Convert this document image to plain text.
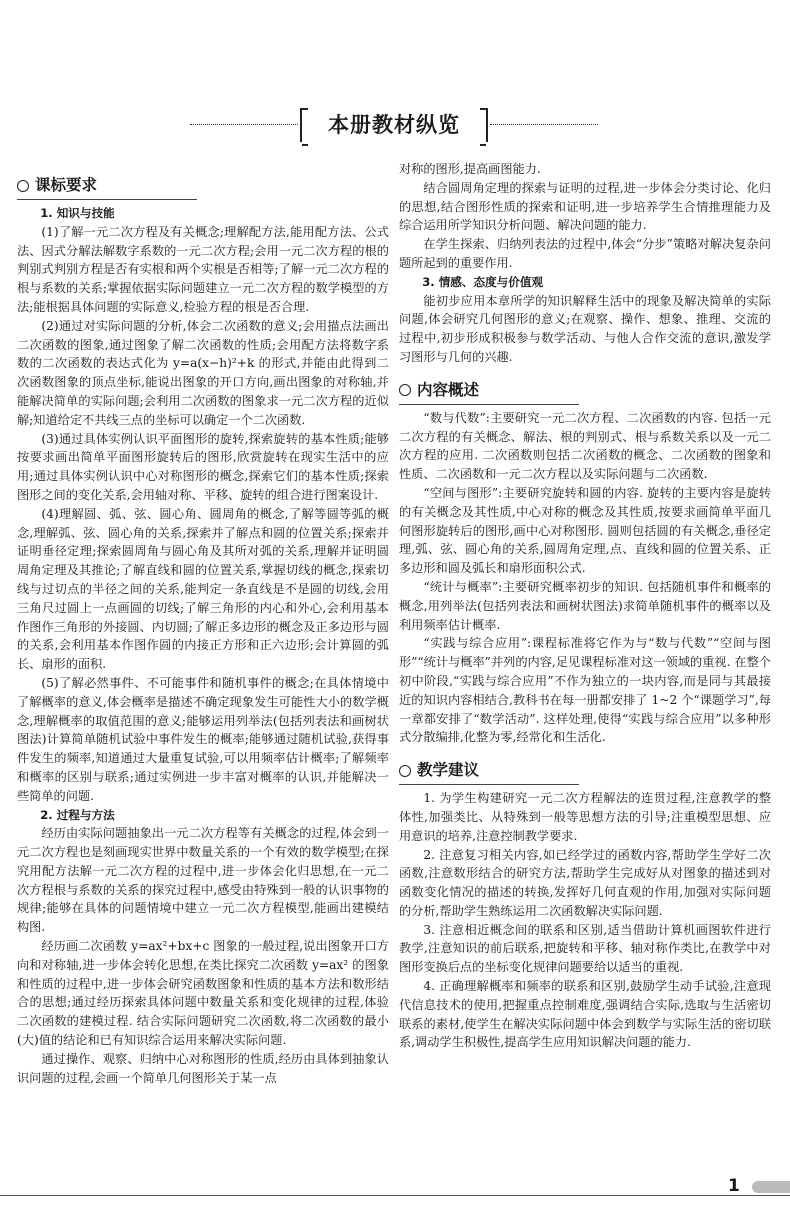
本册教材纵览
课标要求
1. 知识与技能

(1)了解一元二次方程及有关概念;理解配方法,能用配方法、公式法、因式分解法解数字系数的一元二次方程;会用一元二次方程的根的判别式判别方程是否有实根和两个实根是否相等;了解一元二次方程的根与系数的关系;掌握依据实际问题建立一元二次方程的数学模型的方法;能根据具体问题的实际意义,检验方程的根是否合理.

(2)通过对实际问题的分析,体会二次函数的意义;会用描点法画出二次函数的图象,通过图象了解二次函数的性质;会用配方法将数字系数的二次函数的表达式化为 y=a(x−h)²+k 的形式,并能由此得到二次函数图象的顶点坐标,能说出图象的开口方向,画出图象的对称轴,并能解决简单的实际问题;会利用二次函数的图象求一元二次方程的近似解;知道给定不共线三点的坐标可以确定一个二次函数.

(3)通过具体实例认识平面图形的旋转,探索旋转的基本性质;能够按要求画出简单平面图形旋转后的图形,欣赏旋转在现实生活中的应用;通过具体实例认识中心对称图形的概念,探索它们的基本性质;探索图形之间的变化关系,会用轴对称、平移、旋转的组合进行图案设计.

(4)理解圆、弧、弦、圆心角、圆周角的概念,了解等圆等弧的概念,理解弧、弦、圆心角的关系,探索并了解点和圆的位置关系;探索并证明垂径定理;探索圆周角与圆心角及其所对弧的关系,理解并证明圆周角定理及其推论;了解直线和圆的位置关系,掌握切线的概念,探索切线与过切点的半径之间的关系,能判定一条直线是不是圆的切线,会用三角尺过圆上一点画圆的切线;了解三角形的内心和外心,会利用基本作图作三角形的外接圆、内切圆;了解正多边形的概念及正多边形与圆的关系,会利用基本作图作圆的内接正方形和正六边形;会计算圆的弧长、扇形的面积.

(5)了解必然事件、不可能事件和随机事件的概念;在具体情境中了解概率的意义,体会概率是描述不确定现象发生可能性大小的数学概念,理解概率的取值范围的意义;能够运用列举法(包括列表法和画树状图法)计算简单随机试验中事件发生的概率;能够通过随机试验,获得事件发生的频率,知道通过大量重复试验,可以用频率估计概率;了解频率和概率的区别与联系;通过实例进一步丰富对概率的认识,并能解决一些简单的问题.

2. 过程与方法

经历由实际问题抽象出一元二次方程等有关概念的过程,体会到一元二次方程也是刻画现实世界中数量关系的一个有效的数学模型;在探究用配方法解一元二次方程的过程中,进一步体会化归思想,在一元二次方程根与系数的关系的探究过程中,感受由特殊到一般的认识事物的规律;能够在具体的问题情境中建立一元二次方程模型,能画出建模结构图.

经历画二次函数 y=ax²+bx+c 图象的一般过程,说出图象开口方向和对称轴,进一步体会转化思想,在类比探究二次函数 y=ax² 的图象和性质的过程中,进一步体会研究函数图象和性质的基本方法和数形结合的思想;通过经历探索具体问题中数量关系和变化规律的过程,体验二次函数的建模过程. 结合实际问题研究二次函数,将二次函数的最小(大)值的结论和已有知识综合运用来解决实际问题.

通过操作、观察、归纳中心对称图形的性质,经历由具体到抽象认识问题的过程,会画一个简单几何图形关于某一点

对称的图形,提高画图能力.

结合圆周角定理的探索与证明的过程,进一步体会分类讨论、化归的思想,结合图形性质的探索和证明,进一步培养学生合情推理能力及综合运用所学知识分析问题、解决问题的能力.

在学生探索、归纳列表法的过程中,体会“分步”策略对解决复杂问题所起到的重要作用.

3. 情感、态度与价值观

能初步应用本章所学的知识解释生活中的现象及解决简单的实际问题,体会研究几何图形的意义;在观察、操作、想象、推理、交流的过程中,初步形成积极参与数学活动、与他人合作交流的意识,激发学习图形与几何的兴趣.

内容概述

“数与代数”:主要研究一元二次方程、二次函数的内容. 包括一元二次方程的有关概念、解法、根的判别式、根与系数关系以及一元二次方程的应用. 二次函数则包括二次函数的概念、二次函数的图象和性质、二次函数和一元二次方程以及实际问题与二次函数.

“空间与图形”:主要研究旋转和圆的内容. 旋转的主要内容是旋转的有关概念及其性质,中心对称的概念及其性质,按要求画简单平面几何图形旋转后的图形,画中心对称图形. 圆则包括圆的有关概念,垂径定理,弧、弦、圆心角的关系,圆周角定理,点、直线和圆的位置关系、正多边形和圆及弧长和扇形面积公式.

“统计与概率”:主要研究概率初步的知识. 包括随机事件和概率的概念,用列举法(包括列表法和画树状图法)求简单随机事件的概率以及利用频率估计概率.

“实践与综合应用”:课程标准将它作为与“数与代数”“空间与图形”“统计与概率”并列的内容,足见课程标准对这一领域的重视. 在整个初中阶段,“实践与综合应用”不作为独立的一块内容,而是同与其最接近的知识内容相结合,教科书在每一册都安排了 1~2 个“课题学习”,每一章都安排了“数学活动”. 这样处理,使得“实践与综合应用”以多种形式分散编排,化整为零,经常化和生活化.

教学建议

1. 为学生构建研究一元二次方程解法的连贯过程,注意教学的整体性,加强类比、从特殊到一般等思想方法的引导;注重模型思想、应用意识的培养,注意控制教学要求.

2. 注意复习相关内容,如已经学过的函数内容,帮助学生学好二次函数,注意数形结合的研究方法,帮助学生完成好从对图象的描述到对函数变化情况的描述的转换,发挥好几何直观的作用,加强对实际问题的分析,帮助学生熟练运用二次函数解决实际问题.

3. 注意相近概念间的联系和区别,适当借助计算机画图软件进行教学,注意知识的前后联系,把旋转和平移、轴对称作类比,在教学中对图形变换后点的坐标变化规律问题要给以适当的重视.

4. 正确理解概率和频率的联系和区别,鼓励学生动手试验,注意现代信息技术的使用,把握重点控制难度,强调结合实际,选取与生活密切联系的素材,使学生在解决实际问题中体会到数学与实际生活的密切联系,调动学生积极性,提高学生应用知识解决问题的能力.

1
